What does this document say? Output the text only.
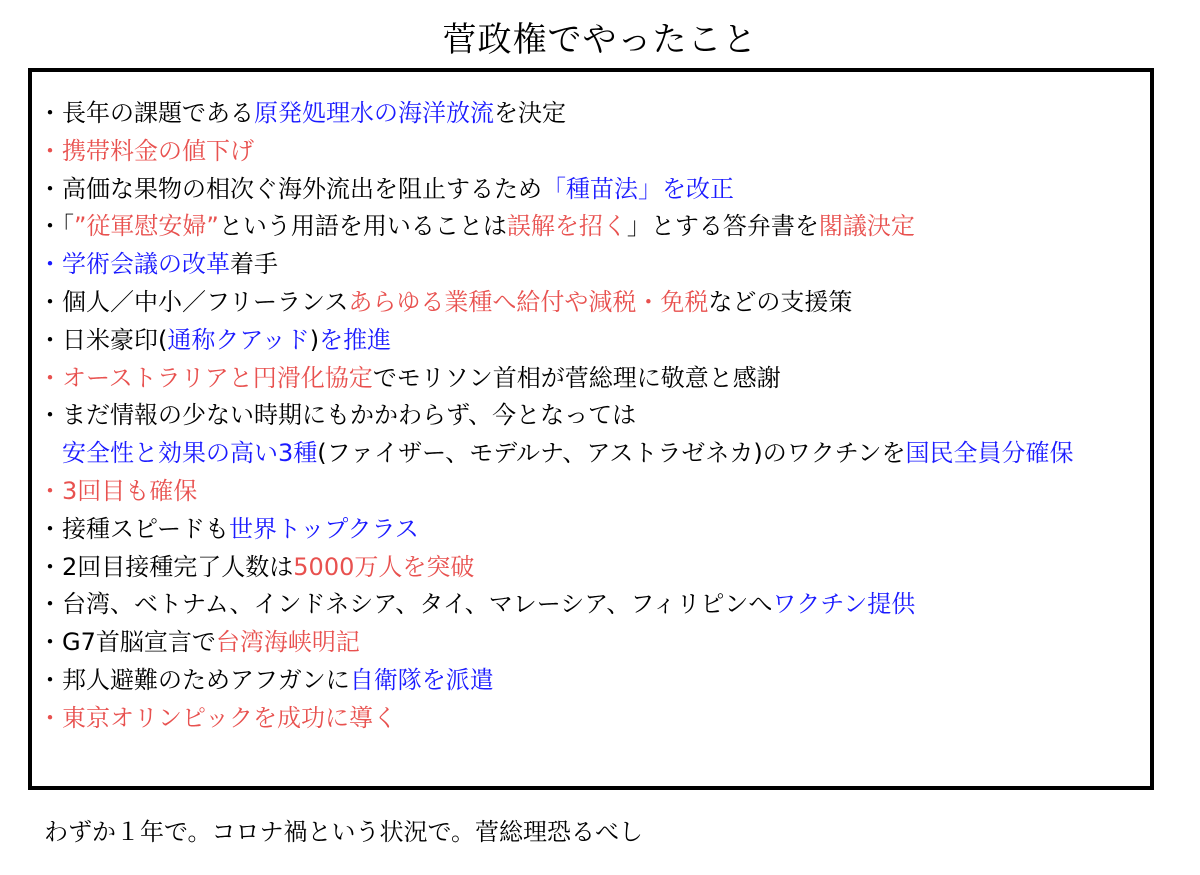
菅政権でやったこと
・長年の課題である原発処理水の海洋放流を決定
・携帯料金の値下げ
・高価な果物の相次ぐ海外流出を阻止するため「種苗法」を改正
・「”従軍慰安婦”という用語を用いることは誤解を招く」とする答弁書を閣議決定
・学術会議の改革着手
・個人／中小／フリーランスあらゆる業種へ給付や減税・免税などの支援策
・日米豪印(通称クアッド)を推進
・オーストラリアと円滑化協定でモリソン首相が菅総理に敬意と感謝
・まだ情報の少ない時期にもかかわらず、今となっては
　安全性と効果の高い3種(ファイザー、モデルナ、アストラゼネカ)のワクチンを国民全員分確保
・3回目も確保
・接種スピードも世界トップクラス
・2回目接種完了人数は5000万人を突破
・台湾、ベトナム、インドネシア、タイ、マレーシア、フィリピンへワクチン提供
・G7首脳宣言で台湾海峡明記
・邦人避難のためアフガンに自衛隊を派遣
・東京オリンピックを成功に導く
わずか１年で。コロナ禍という状況で。菅総理恐るべし
